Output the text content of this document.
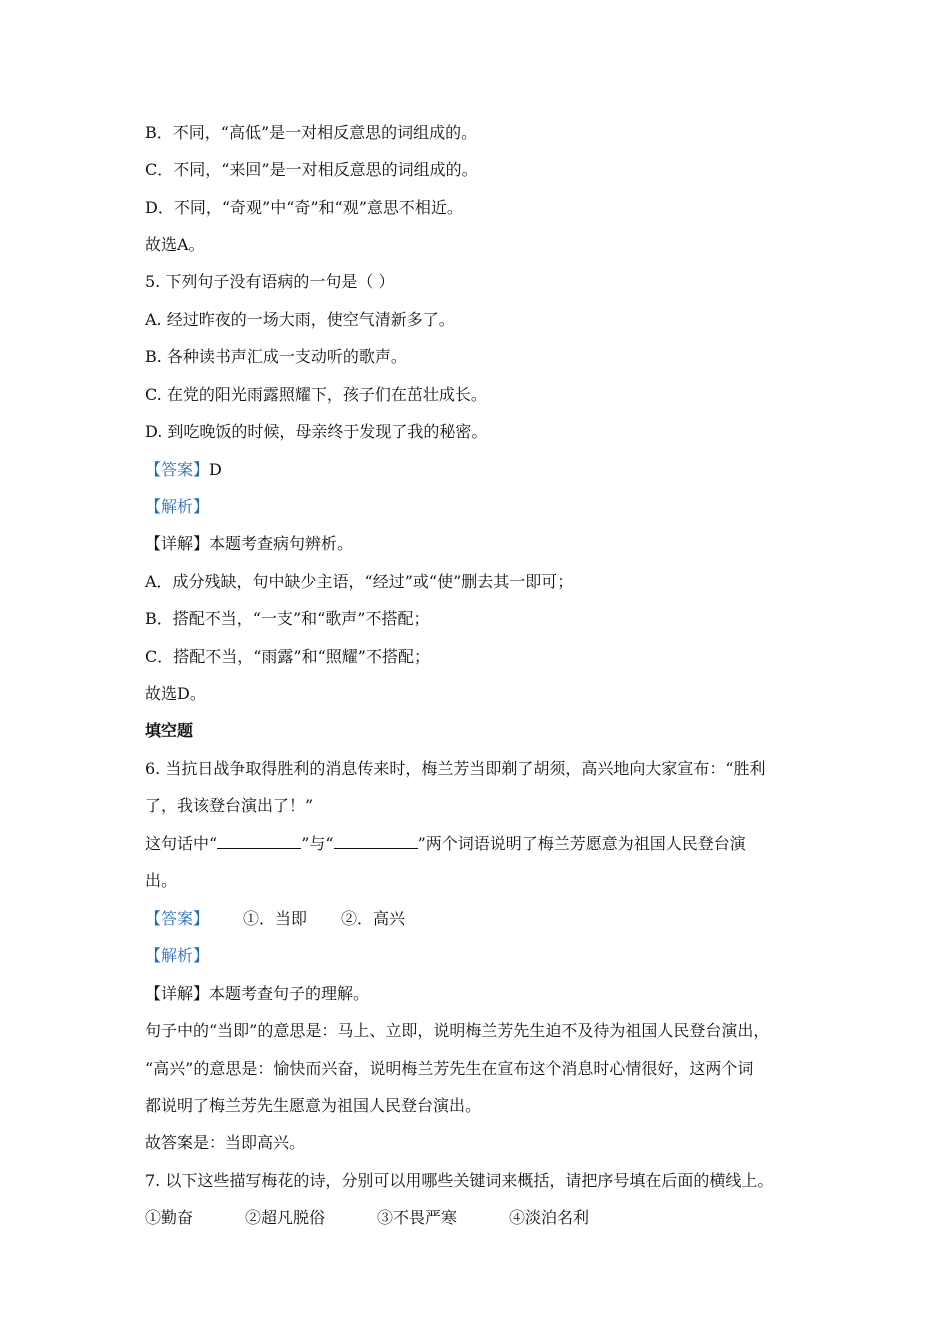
B．不同，“高低”是一对相反意思的词组成的。
C．不同，“来回”是一对相反意思的词组成的。
D．不同，“奇观”中“奇”和“观”意思不相近。
故选A。
5. 下列句子没有语病的一句是（ ）
A. 经过昨夜的一场大雨，使空气清新多了。
B. 各种读书声汇成一支动听的歌声。
C. 在党的阳光雨露照耀下，孩子们在茁壮成长。
D. 到吃晚饭的时候，母亲终于发现了我的秘密。
【答案】D
【解析】
【详解】本题考查病句辨析。
A．成分残缺，句中缺少主语，“经过”或“使”删去其一即可；
B．搭配不当，“一支”和“歌声”不搭配；
C．搭配不当，“雨露”和“照耀”不搭配；
故选D。
填空题
6. 当抗日战争取得胜利的消息传来时，梅兰芳当即剃了胡须，高兴地向大家宣布：“胜利
了，我该登台演出了！”
这句话中“	”与“	”两个词语说明了梅兰芳愿意为祖国人民登台演
出。
【答案】 ①．当即 ②．高兴
【解析】
【详解】本题考查句子的理解。
句子中的“当即”的意思是：马上、立即，说明梅兰芳先生迫不及待为祖国人民登台演出，
“高兴”的意思是：愉快而兴奋，说明梅兰芳先生在宣布这个消息时心情很好，这两个词
都说明了梅兰芳先生愿意为祖国人民登台演出。
故答案是：当即高兴。
7. 以下这些描写梅花的诗，分别可以用哪些关键词来概括，请把序号填在后面的横线上。
①勤奋	②超凡脱俗	③不畏严寒	④淡泊名利
